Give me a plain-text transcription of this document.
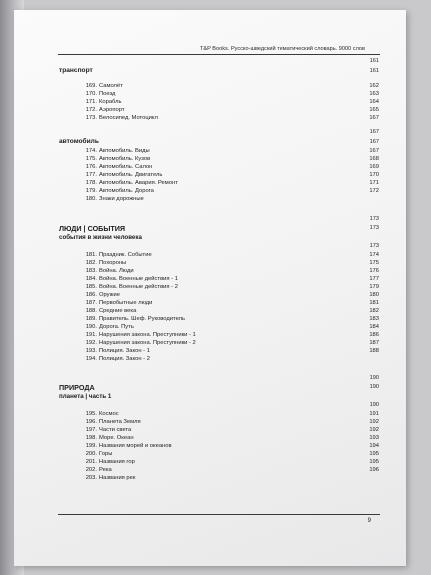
T&P Books. Русско-шведский тематический словарь. 9000 слов
161
транспорт	161
169. Самолёт	162
170. Поезд	163
171. Корабль	164
172. Аэропорт	165
173. Велосипед. Мотоцикл	167
167
автомобиль	167
174. Автомобиль. Виды	167
175. Автомобиль. Кузов	168
176. Автомобиль. Салон	169
177. Автомобиль. Двигатель	170
178. Автомобиль. Авария. Ремонт	171
179. Автомобиль. Дорога	172
180. Знаки дорожные
173
ЛЮДИ | СОБЫТИЯ	173
события в жизни человека
173
181. Праздник. Событие	174
182. Похороны	175
183. Война. Люди	176
184. Война. Военные действия - 1	177
185. Война. Военные действия - 2	179
186. Оружие	180
187. Первобытные люди	181
188. Средние века	182
189. Правитель. Шеф. Руководитель	183
190. Дорога. Путь	184
191. Нарушения закона. Преступники - 1	186
192. Нарушения закона. Преступники - 2	187
193. Полиция. Закон - 1	188
194. Полиция. Закон - 2
190
ПРИРОДА	190
планета | часть 1
190
195. Космос	191
196. Планета Земля	192
197. Части света	192
198. Море. Океан	193
199. Названия морей и океанов	194
200. Горы	195
201. Названия гор	195
202. Река	196
203. Названия рек
9
